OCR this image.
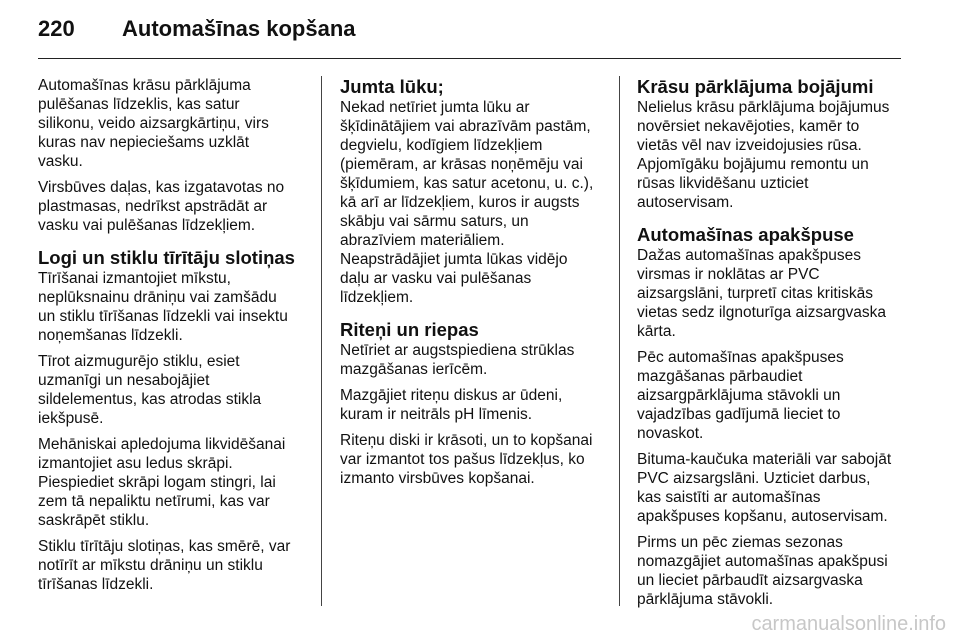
220 Automašīnas kopšana
Automašīnas krāsu pārklājuma
pulēšanas līdzeklis, kas satur
silikonu, veido aizsargkārtiņu, virs
kuras nav nepieciešams uzklāt
vasku.
Virsbūves daļas, kas izgatavotas no
plastmasas, nedrīkst apstrādāt ar
vasku vai pulēšanas līdzekļiem.
Logi un stiklu tīrītāju slotiņas
Tīrīšanai izmantojiet mīkstu,
neplūksnainu drāniņu vai zamšādu
un stiklu tīrīšanas līdzekli vai insektu
noņemšanas līdzekli.
Tīrot aizmugurējo stiklu, esiet
uzmanīgi un nesabojājiet
sildelementus, kas atrodas stikla
iekšpusē.
Mehāniskai apledojuma likvidēšanai
izmantojiet asu ledus skrāpi.
Piespiediet skrāpi logam stingri, lai
zem tā nepaliktu netīrumi, kas var
saskrāpēt stiklu.
Stiklu tīrītāju slotiņas, kas smērē, var
notīrīt ar mīkstu drāniņu un stiklu
tīrīšanas līdzekli.
Jumta lūku;
Nekad netīriet jumta lūku ar
šķīdinātājiem vai abrazīvām pastām,
degvielu, kodīgiem līdzekļiem
(piemēram, ar krāsas noņēmēju vai
šķīdumiem, kas satur acetonu, u. c.),
kā arī ar līdzekļiem, kuros ir augsts
skābju vai sārmu saturs, un
abrazīviem materiāliem.
Neapstrādājiet jumta lūkas vidējo
daļu ar vasku vai pulēšanas
līdzekļiem.
Riteņi un riepas
Netīriet ar augstspiediena strūklas
mazgāšanas ierīcēm.
Mazgājiet riteņu diskus ar ūdeni,
kuram ir neitrāls pH līmenis.
Riteņu diski ir krāsoti, un to kopšanai
var izmantot tos pašus līdzekļus, ko
izmanto virsbūves kopšanai.
Krāsu pārklājuma bojājumi
Nelielus krāsu pārklājuma bojājumus
novērsiet nekavējoties, kamēr to
vietās vēl nav izveidojusies rūsa.
Apjomīgāku bojājumu remontu un
rūsas likvidēšanu uzticiet
autoservisam.
Automašīnas apakšpuse
Dažas automašīnas apakšpuses
virsmas ir noklātas ar PVC
aizsargslāni, turpretī citas kritiskās
vietas sedz ilgnoturīga aizsargvaska
kārta.
Pēc automašīnas apakšpuses
mazgāšanas pārbaudiet
aizsargpārklājuma stāvokli un
vajadzības gadījumā lieciet to
novaskot.
Bituma-kaučuka materiāli var sabojāt
PVC aizsargslāni. Uzticiet darbus,
kas saistīti ar automašīnas
apakšpuses kopšanu, autoservisam.
Pirms un pēc ziemas sezonas
nomazgājiet automašīnas apakšpusi
un lieciet pārbaudīt aizsargvaska
pārklājuma stāvokli.
carmanualsonline.info
